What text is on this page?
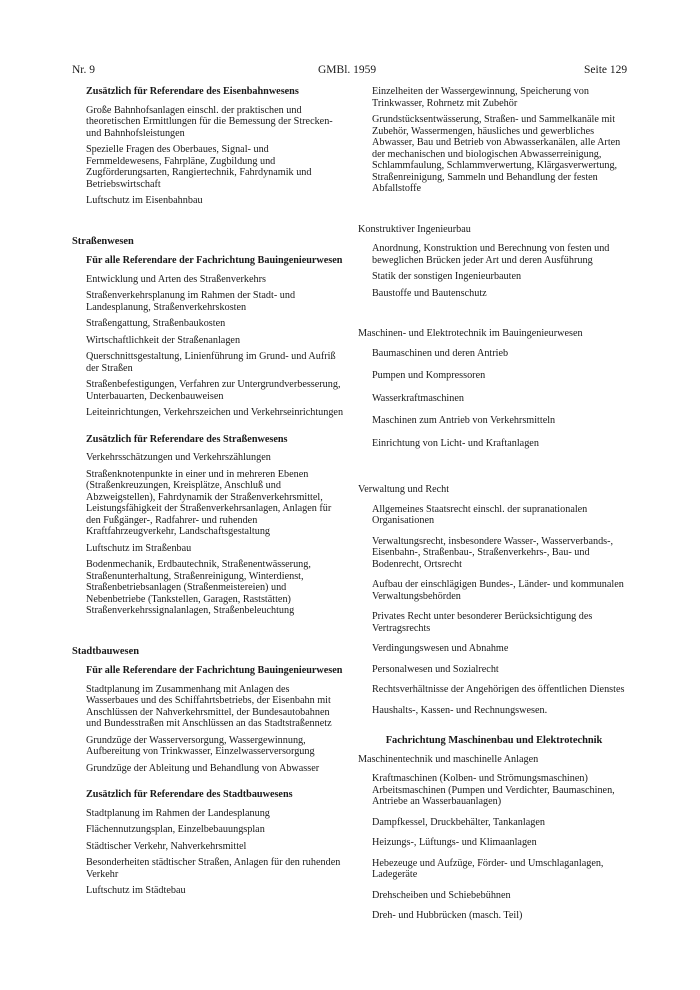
Nr. 9	GMBl. 1959	Seite 129
Zusätzlich für Referendare des Eisenbahnwesens

Große Bahnhofsanlagen einschl. der praktischen und theoretischen Ermittlungen für die Bemessung der Strecken- und Bahnhofsleistungen

Spezielle Fragen des Oberbaues, Signal- und Fernmeldewesens, Fahrpläne, Zugbildung und Zugförderungsarten, Rangiertechnik, Fahrdynamik und Betriebswirtschaft

Luftschutz im Eisenbahnbau

Straßenwesen
Für alle Referendare der Fachrichtung Bauingenieurwesen

Entwicklung und Arten des Straßenverkehrs

Straßenverkehrsplanung im Rahmen der Stadt- und Landesplanung, Straßenverkehrskosten

Straßengattung, Straßenbaukosten

Wirtschaftlichkeit der Straßenanlagen

Querschnittsgestaltung, Linienführung im Grund- und Aufriß der Straßen

Straßenbefestigungen, Verfahren zur Untergrundverbesserung, Unterbauarten, Deckenbauweisen

Leiteinrichtungen, Verkehrszeichen und Verkehrseinrichtungen

Zusätzlich für Referendare des Straßenwesens

Verkehrsschätzungen und Verkehrszählungen

Straßenknotenpunkte in einer und in mehreren Ebenen (Straßenkreuzungen, Kreisplätze, Anschluß und Abzweigstellen), Fahrdynamik der Straßenverkehrsmittel, Leistungsfähigkeit der Straßenverkehrsanlagen, Anlagen für den Fußgänger-, Radfahrer- und ruhenden Kraftfahrzeugverkehr, Landschaftsgestaltung

Luftschutz im Straßenbau

Bodenmechanik, Erdbautechnik, Straßenentwässerung, Straßenunterhaltung, Straßenreinigung, Winterdienst, Straßenbetriebsanlagen (Straßenmeistereien) und Nebenbetriebe (Tankstellen, Garagen, Raststätten) Straßenverkehrssignalanlagen, Straßenbeleuchtung

Stadtbauwesen
Für alle Referendare der Fachrichtung Bauingenieurwesen

Stadtplanung im Zusammenhang mit Anlagen des Wasserbaues und des Schiffahrtsbetriebs, der Eisenbahn mit Anschlüssen der Nahverkehrsmittel, der Bundesautobahnen und Bundesstraßen mit Anschlüssen an das Stadtstraßennetz

Grundzüge der Wasserversorgung, Wassergewinnung, Aufbereitung von Trinkwasser, Einzelwasserversorgung

Grundzüge der Ableitung und Behandlung von Abwasser

Zusätzlich für Referendare des Stadtbauwesens

Stadtplanung im Rahmen der Landesplanung

Flächennutzungsplan, Einzelbebauungsplan

Städtischer Verkehr, Nahverkehrsmittel

Besonderheiten städtischer Straßen, Anlagen für den ruhenden Verkehr

Luftschutz im Städtebau

Einzelheiten der Wassergewinnung, Speicherung von Trinkwasser, Rohrnetz mit Zubehör

Grundstücksentwässerung, Straßen- und Sammelkanäle mit Zubehör, Wassermengen, häusliches und gewerbliches Abwasser, Bau und Betrieb von Abwasserkanälen, alle Arten der mechanischen und biologischen Abwasserreinigung, Schlammfaulung, Schlammverwertung, Klärgasverwertung, Straßenreinigung, Sammeln und Behandlung der festen Abfallstoffe

Konstruktiver Ingenieurbau

Anordnung, Konstruktion und Berechnung von festen und beweglichen Brücken jeder Art und deren Ausführung

Statik der sonstigen Ingenieurbauten

Baustoffe und Bautenschutz

Maschinen- und Elektrotechnik im Bauingenieurwesen

Baumaschinen und deren Antrieb

Pumpen und Kompressoren

Wasserkraftmaschinen

Maschinen zum Antrieb von Verkehrsmitteln

Einrichtung von Licht- und Kraftanlagen

Verwaltung und Recht

Allgemeines Staatsrecht einschl. der supranationalen Organisationen

Verwaltungsrecht, insbesondere Wasser-, Wasserverbands-, Eisenbahn-, Straßenbau-, Straßenverkehrs-, Bau- und Bodenrecht, Ortsrecht

Aufbau der einschlägigen Bundes-, Länder- und kommunalen Verwaltungsbehörden

Privates Recht unter besonderer Berücksichtigung des Vertragsrechts

Verdingungswesen und Abnahme

Personalwesen und Sozialrecht

Rechtsverhältnisse der Angehörigen des öffentlichen Dienstes

Haushalts-, Kassen- und Rechnungswesen.

Fachrichtung Maschinenbau und Elektrotechnik
Maschinentechnik und maschinelle Anlagen

Kraftmaschinen (Kolben- und Strömungsmaschinen) Arbeitsmaschinen (Pumpen und Verdichter, Baumaschinen, Antriebe an Wasserbauanlagen)

Dampfkessel, Druckbehälter, Tankanlagen

Heizungs-, Lüftungs- und Klimaanlagen

Hebezeuge und Aufzüge, Förder- und Umschlaganlagen, Ladegeräte

Drehscheiben und Schiebebühnen

Dreh- und Hubbrücken (masch. Teil)
